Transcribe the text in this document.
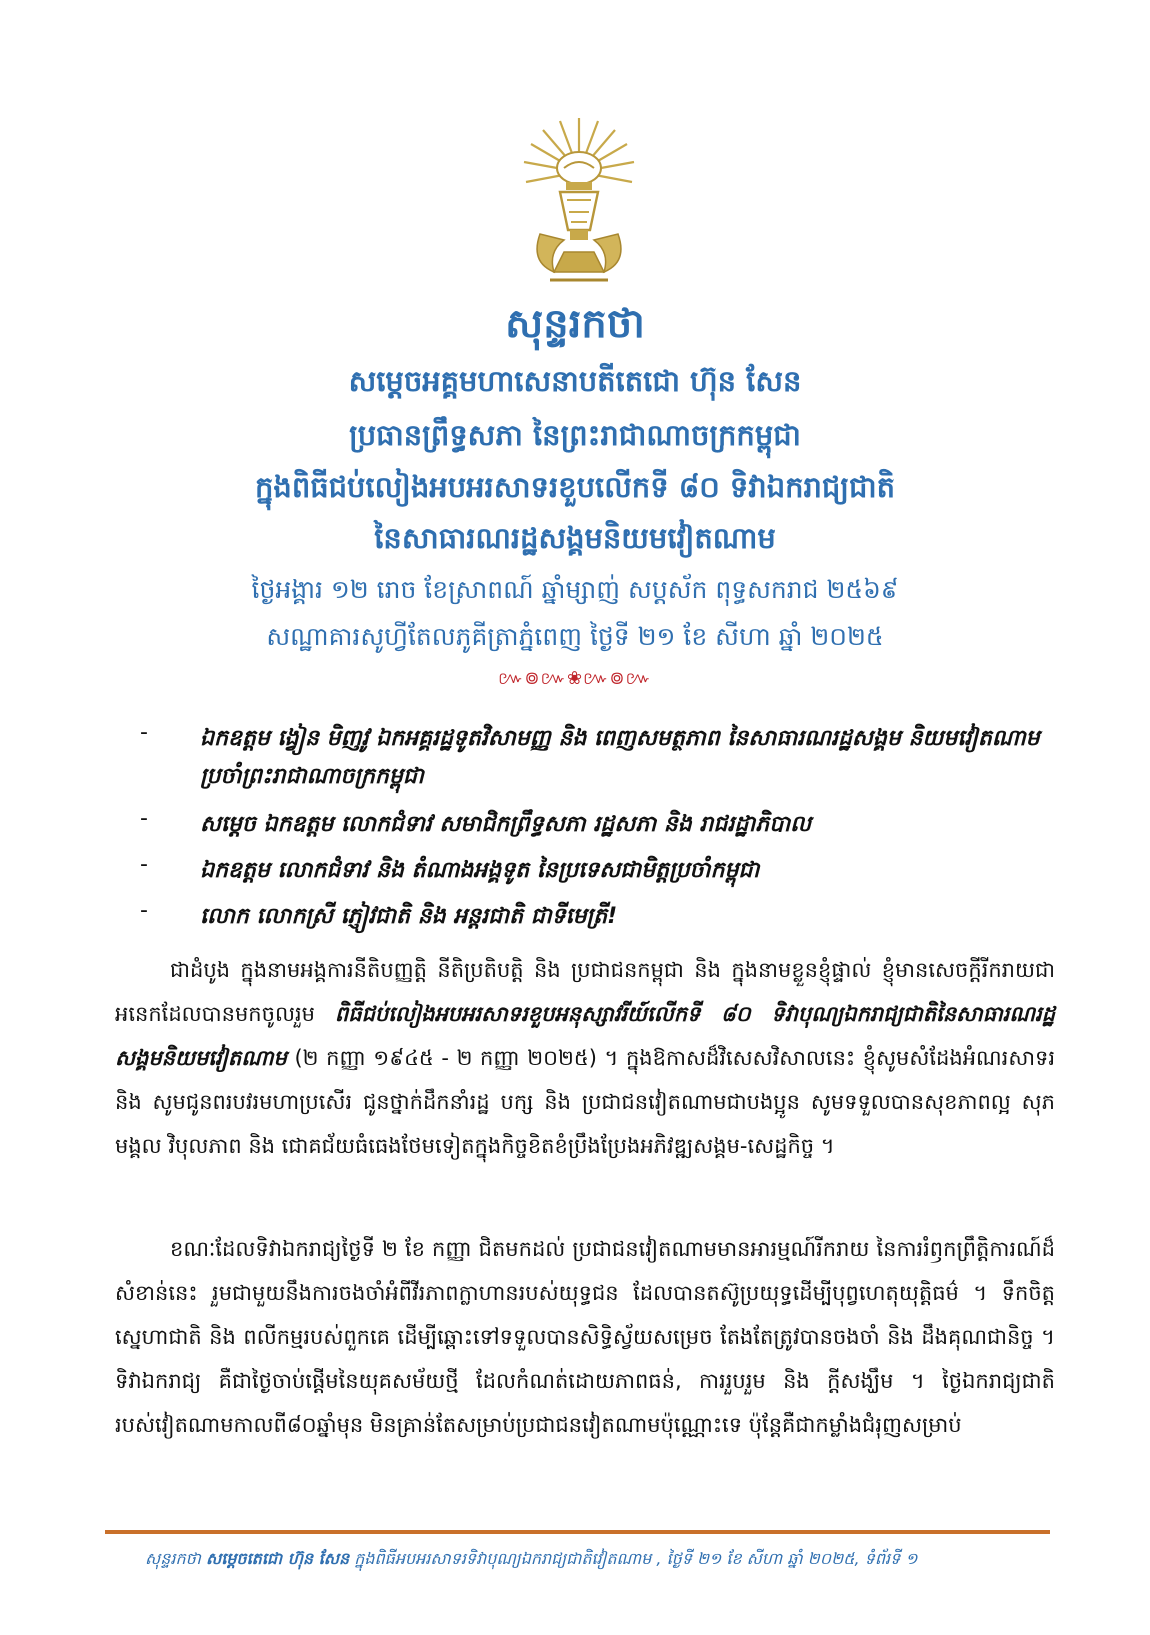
សុន្ទរកថា
សម្តេចអគ្គមហាសេនាបតីតេជោ ហ៊ុន សែន
ប្រធានព្រឹទ្ធសភា នៃព្រះរាជាណាចក្រកម្ពុជា
ក្នុងពិធីជប់លៀងអបអរសាទរខួបលើកទី ៨០ ទិវាឯករាជ្យជាតិ
នៃសាធារណរដ្ឋសង្គមនិយមវៀតណាម
ថ្ងៃអង្គារ ១២ រោច ខែស្រាពណ៍ ឆ្នាំម្សាញ់ សប្តស័ក ពុទ្ធសករាជ ២៥៦៩
សណ្ឋាគារសូហ្វីតែលភូគីត្រាភ្នំពេញ ថ្ងៃទី ២១ ខែ សីហា ឆ្នាំ ២០២៥
៚៙៚❀៚៙៚
- ឯកឧត្តម ង្វៀន មិញវូ ឯកអគ្គរដ្ឋទូតវិសាមញ្ញ និង ពេញសមត្ថភាព នៃសាធារណរដ្ឋសង្គម និយមវៀតណាម ប្រចាំព្រះរាជាណាចក្រកម្ពុជា
- សម្តេច ឯកឧត្តម លោកជំទាវ សមាជិកព្រឹទ្ធសភា រដ្ឋសភា និង រាជរដ្ឋាភិបាល
- ឯកឧត្តម លោកជំទាវ និង តំណាងអង្គទូត នៃប្រទេសជាមិត្តប្រចាំកម្ពុជា
- លោក លោកស្រី ភ្ញៀវជាតិ និង អន្តរជាតិ ជាទីមេត្រី!
ជាដំបូង ក្នុងនាមអង្គការនីតិបញ្ញត្តិ នីតិប្រតិបត្តិ និង ប្រជាជនកម្ពុជា និង ក្នុងនាមខ្លួនខ្ញុំផ្ទាល់ ខ្ញុំមានសេចក្តីរីករាយជាអនេកដែលបានមកចូលរួម ពិធីជប់លៀងអបអរសាទរខួបអនុស្សាវរីយ៍លើកទី ៨០ ទិវាបុណ្យឯករាជ្យជាតិនៃសាធារណរដ្ឋសង្គមនិយមវៀតណាម (២ កញ្ញា ១៩៤៥ - ២ កញ្ញា ២០២៥) ។ ក្នុងឱកាសដ៏វិសេសវិសាលនេះ ខ្ញុំសូមសំដែងអំណរសាទរ និង សូមជូនពរបវរមហាប្រសើរ ជូនថ្នាក់ដឹកនាំរដ្ឋ បក្ស និង ប្រជាជនវៀតណាមជាបងប្អូន សូមទទួលបានសុខភាពល្អ សុភមង្គល វិបុលភាព និង ជោគជ័យធំធេងថែមទៀតក្នុងកិច្ចខិតខំប្រឹងប្រែងអភិវឌ្ឍសង្គម-សេដ្ឋកិច្ច ។
ខណៈដែលទិវាឯករាជ្យថ្ងៃទី ២ ខែ កញ្ញា ជិតមកដល់ ប្រជាជនវៀតណាមមានអារម្មណ៍រីករាយ នៃការរំឭកព្រឹត្តិការណ៍ដ៏សំខាន់នេះ រួមជាមួយនឹងការចងចាំអំពីវីរភាពក្លាហានរបស់យុទ្ធជន ដែលបានតស៊ូប្រយុទ្ធដើម្បីបុព្វហេតុយុត្តិធម៌ ។ ទឹកចិត្តស្នេហាជាតិ និង ពលីកម្មរបស់ពួកគេ ដើម្បីឆ្ពោះទៅទទួលបានសិទ្ធិស្វ័យសម្រេច តែងតែត្រូវបានចងចាំ និង ដឹងគុណជានិច្ច ។ ទិវាឯករាជ្យ គឺជាថ្ងៃចាប់ផ្តើមនៃយុគសម័យថ្មី ដែលកំណត់ដោយភាពធន់, ការរួបរួម និង ក្តីសង្ឃឹម ។ ថ្ងៃឯករាជ្យជាតិរបស់វៀតណាមកាលពី៨០ឆ្នាំមុន មិនគ្រាន់តែសម្រាប់ប្រជាជនវៀតណាមប៉ុណ្ណោះទេ ប៉ុន្តែគឺជាកម្លាំងជំរុញសម្រាប់
សុន្ទរកថា សម្តេចតេជោ ហ៊ុន សែន ក្នុងពិធីអបអរសាទរទិវាបុណ្យឯករាជ្យជាតិវៀតណាម , ថ្ងៃទី ២១ ខែ សីហា ឆ្នាំ ២០២៥, ទំព័រទី ១
